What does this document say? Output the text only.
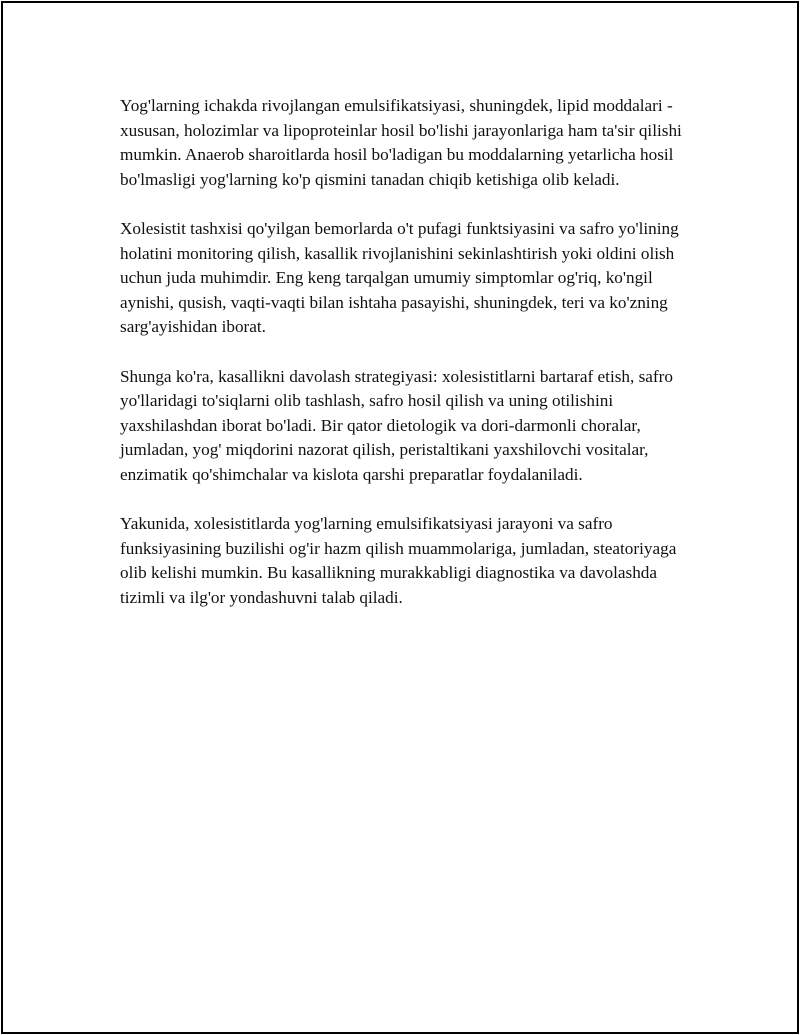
Yog'larning ichakda rivojlangan emulsifikatsiyasi, shuningdek, lipid moddalari - xususan, holozimlar va lipoproteinlar hosil bo'lishi jarayonlariga ham ta'sir qilishi mumkin. Anaerob sharoitlarda hosil bo'ladigan bu moddalarning yetarlicha hosil bo'lmasligi yog'larning ko'p qismini tanadan chiqib ketishiga olib keladi.

Xolesistit tashxisi qo'yilgan bemorlarda o't pufagi funktsiyasini va safro yo'lining holatini monitoring qilish, kasallik rivojlanishini sekinlashtirish yoki oldini olish uchun juda muhimdir. Eng keng tarqalgan umumiy simptomlar og'riq, ko'ngil aynishi, qusish, vaqti-vaqti bilan ishtaha pasayishi, shuningdek, teri va ko'zning sarg'ayishidan iborat.

Shunga ko'ra, kasallikni davolash strategiyasi: xolesistitlarni bartaraf etish, safro yo'llaridagi to'siqlarni olib tashlash, safro hosil qilish va uning otilishini yaxshilashdan iborat bo'ladi. Bir qator dietologik va dori-darmonli choralar, jumladan, yog' miqdorini nazorat qilish, peristaltikani yaxshilovchi vositalar, enzimatik qo'shimchalar va kislota qarshi preparatlar foydalaniladi.

Yakunida, xolesistitlarda yog'larning emulsifikatsiyasi jarayoni va safro funksiyasining buzilishi og'ir hazm qilish muammolariga, jumladan, steatoriyaga olib kelishi mumkin. Bu kasallikning murakkabligi diagnostika va davolashda tizimli va ilg'or yondashuvni talab qiladi.
